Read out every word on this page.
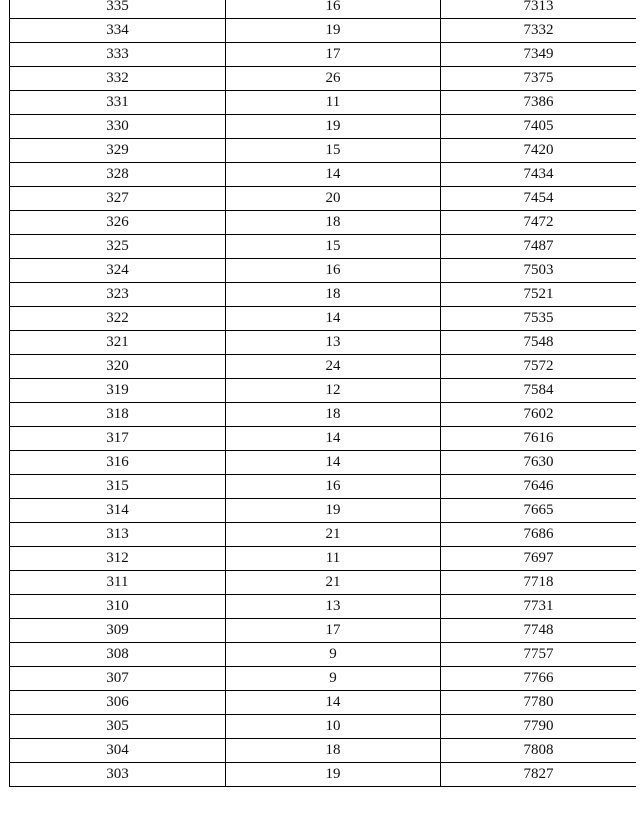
335	16	7313
334	19	7332
333	17	7349
332	26	7375
331	11	7386
330	19	7405
329	15	7420
328	14	7434
327	20	7454
326	18	7472
325	15	7487
324	16	7503
323	18	7521
322	14	7535
321	13	7548
320	24	7572
319	12	7584
318	18	7602
317	14	7616
316	14	7630
315	16	7646
314	19	7665
313	21	7686
312	11	7697
311	21	7718
310	13	7731
309	17	7748
308	9	7757
307	9	7766
306	14	7780
305	10	7790
304	18	7808
303	19	7827
